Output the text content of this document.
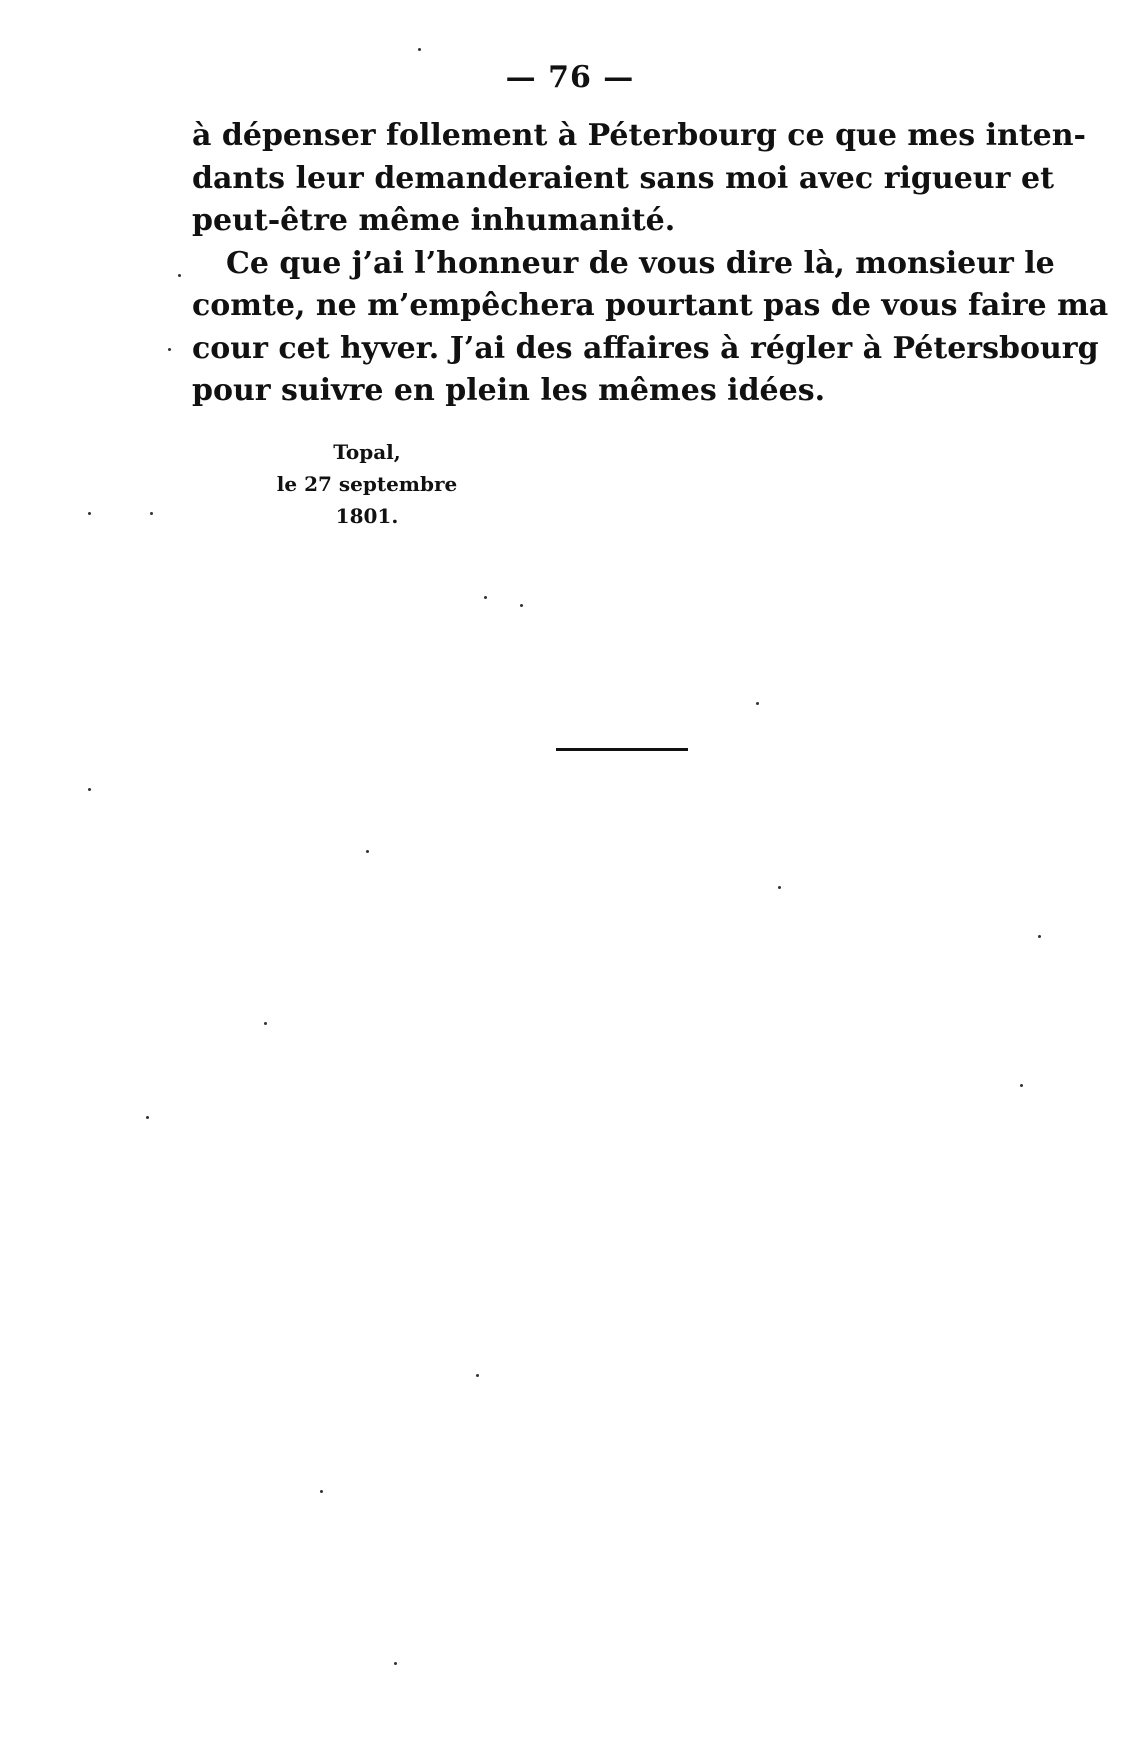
— 76 —
à dépenser follement à Péterbourg ce que mes inten-
dants leur demanderaient sans moi avec rigueur et
peut-être même inhumanité.
Ce que j’ai l’honneur de vous dire là, monsieur le
comte, ne m’empêchera pourtant pas de vous faire ma
cour cet hyver. J’ai des affaires à régler à Pétersbourg
pour suivre en plein les mêmes idées.
Topal,
le 27 septembre
1801.
